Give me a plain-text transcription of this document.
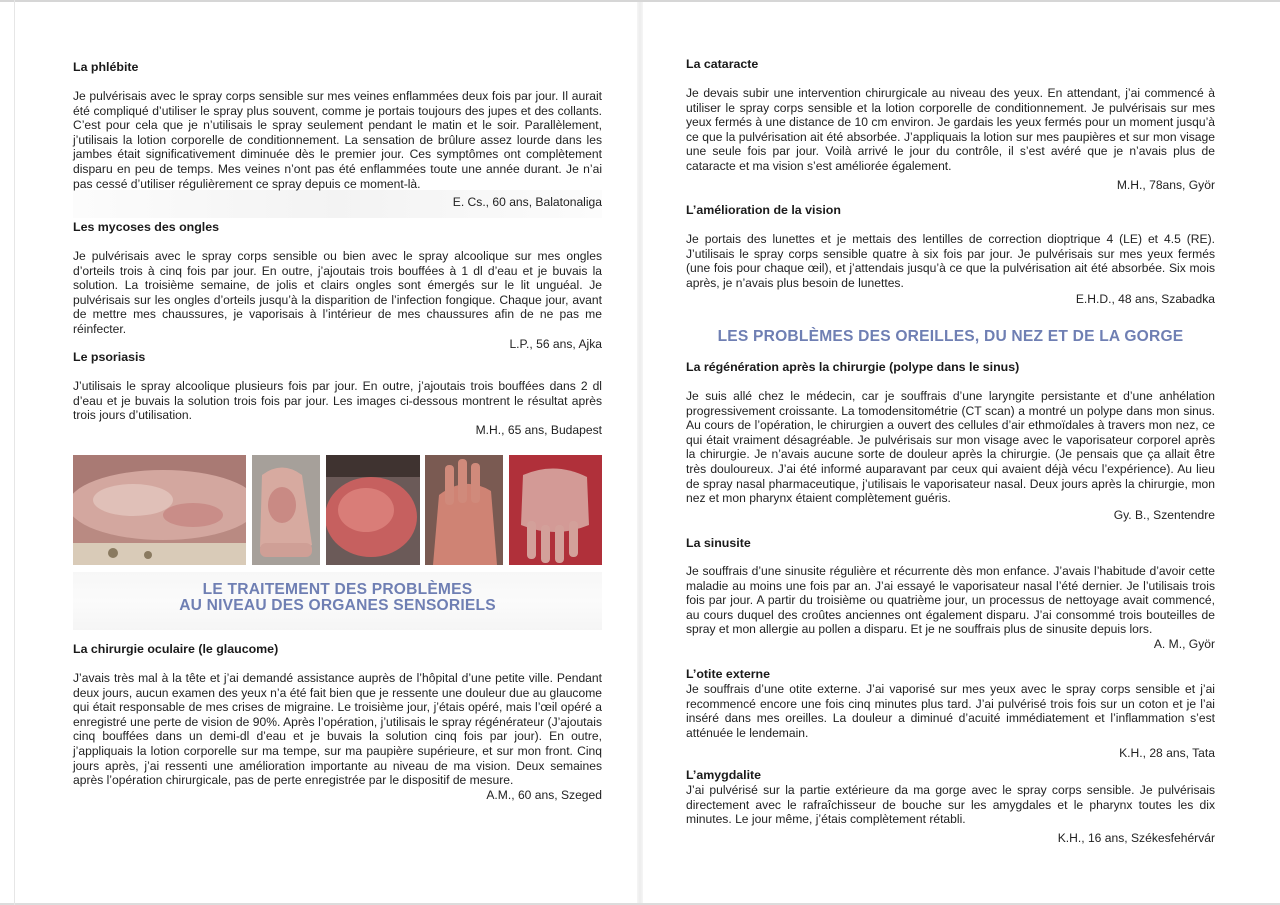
La phlébite

Je pulvérisais avec le spray corps sensible sur mes veines enflammées deux fois par jour. Il aurait été compliqué d’utiliser le spray plus souvent, comme je portais toujours des jupes et des collants. C’est pour cela que je n’utilisais le spray seulement pendant le matin et le soir. Parallèlement, j’utilisais la lotion corporelle de conditionnement. La sensation de brûlure assez lourde dans les jambes était significativement diminuée dès le premier jour. Ces symptômes ont complètement disparu en peu de temps. Mes veines n’ont pas été enflammées toute une année durant. Je n’ai pas cessé d’utiliser régulièrement ce spray depuis ce moment-là.

E. Cs., 60 ans, Balatonaliga

Les mycoses des ongles

Je pulvérisais avec le spray corps sensible ou bien avec le spray alcoolique sur mes ongles d’orteils trois à cinq fois par jour. En outre, j’ajoutais trois bouffées à 1 dl d’eau et je buvais la solution. La troisième semaine, de jolis et clairs ongles sont émergés sur le lit unguéal. Je pulvérisais sur les ongles d’orteils jusqu’à la disparition de l’infection fongique. Chaque jour, avant de mettre mes chaussures, je vaporisais à l’intérieur de mes chaussures afin de ne pas me réinfecter.

L.P., 56 ans, Ajka

Le psoriasis

J’utilisais le spray alcoolique plusieurs fois par jour. En outre, j’ajoutais trois bouffées dans 2 dl d’eau et je buvais la solution trois fois par jour. Les images ci-dessous montrent le résultat après trois jours d’utilisation.

M.H., 65 ans, Budapest

LE TRAITEMENT DES PROBLÈMES
AU NIVEAU DES ORGANES SENSORIELS
La chirurgie oculaire (le glaucome)

J’avais très mal à la tête et j’ai demandé assistance auprès de l’hôpital d’une petite ville. Pendant deux jours, aucun examen des yeux n’a été fait bien que je ressente une douleur due au glaucome qui était responsable de mes crises de migraine. Le troisième jour, j’étais opéré, mais l’œil opéré a enregistré une perte de vision de 90%. Après l’opération, j’utilisais le spray régénérateur (J’ajoutais cinq bouffées dans un demi-dl d’eau et je buvais la solution cinq fois par jour). En outre, j’appliquais la lotion corporelle sur ma tempe, sur ma paupière supérieure, et sur mon front. Cinq jours après, j’ai ressenti une amélioration importante au niveau de ma vision. Deux semaines après l’opération chirurgicale, pas de perte enregistrée par le dispositif de mesure.

A.M., 60 ans, Szeged

La cataracte

Je devais subir une intervention chirurgicale au niveau des yeux. En attendant, j’ai commencé à utiliser le spray corps sensible et la lotion corporelle de conditionnement. Je pulvérisais sur mes yeux fermés à une distance de 10 cm environ. Je gardais les yeux fermés pour un moment jusqu’à ce que la pulvérisation ait été absorbée. J’appliquais la lotion sur mes paupières et sur mon visage une seule fois par jour. Voilà arrivé le jour du contrôle, il s’est avéré que je n’avais plus de cataracte et ma vision s’est améliorée également.

M.H., 78ans, Györ

L’amélioration de la vision

Je portais des lunettes et je mettais des lentilles de correction dioptrique 4 (LE) et 4.5 (RE). J’utilisais le spray corps sensible quatre à six fois par jour. Je pulvérisais sur mes yeux fermés (une fois pour chaque œil), et j’attendais jusqu’à ce que la pulvérisation ait été absorbée. Six mois après, je n’avais plus besoin de lunettes.

E.H.D., 48 ans, Szabadka

LES PROBLÈMES DES OREILLES, DU NEZ ET DE LA GORGE
La régénération après la chirurgie (polype dans le sinus)

Je suis allé chez le médecin, car je souffrais d’une laryngite persistante et d’une anhélation progressivement croissante. La tomodensitométrie (CT scan) a montré un polype dans mon sinus. Au cours de l’opération, le chirurgien a ouvert des cellules d’air ethmoïdales à travers mon nez, ce qui était vraiment désagréable. Je pulvérisais sur mon visage avec le vaporisateur corporel après la chirurgie. Je n’avais aucune sorte de douleur après la chirurgie. (Je pensais que ça allait être très douloureux. J’ai été informé auparavant par ceux qui avaient déjà vécu l’expérience). Au lieu de spray nasal pharmaceutique, j’utilisais le vaporisateur nasal. Deux jours après la chirurgie, mon nez et mon pharynx étaient complètement guéris.

Gy. B., Szentendre

La sinusite

Je souffrais d’une sinusite régulière et récurrente dès mon enfance. J’avais l’habitude d’avoir cette maladie au moins une fois par an. J’ai essayé le vaporisateur nasal l’été dernier. Je l’utilisais trois fois par jour. A partir du troisième ou quatrième jour, un processus de nettoyage avait commencé, au cours duquel des croûtes anciennes ont également disparu. J’ai consommé trois bouteilles de spray et mon allergie au pollen a disparu. Et je ne souffrais plus de sinusite depuis lors.

A. M., Györ

L’otite externe

Je souffrais d’une otite externe. J’ai vaporisé sur mes yeux avec le spray corps sensible et j’ai recommencé encore une fois cinq minutes plus tard. J’ai pulvérisé trois fois sur un coton et je l’ai inséré dans mes oreilles. La douleur a diminué d’acuité immédiatement et l’inflammation s’est atténuée le lendemain.

K.H., 28 ans, Tata

L’amygdalite

J’ai pulvérisé sur la partie extérieure da ma gorge avec le spray corps sensible. Je pulvérisais directement avec le rafraîchisseur de bouche sur les amygdales et le pharynx toutes les dix minutes. Le jour même, j’étais complètement rétabli.

K.H., 16 ans, Székesfehérvár
